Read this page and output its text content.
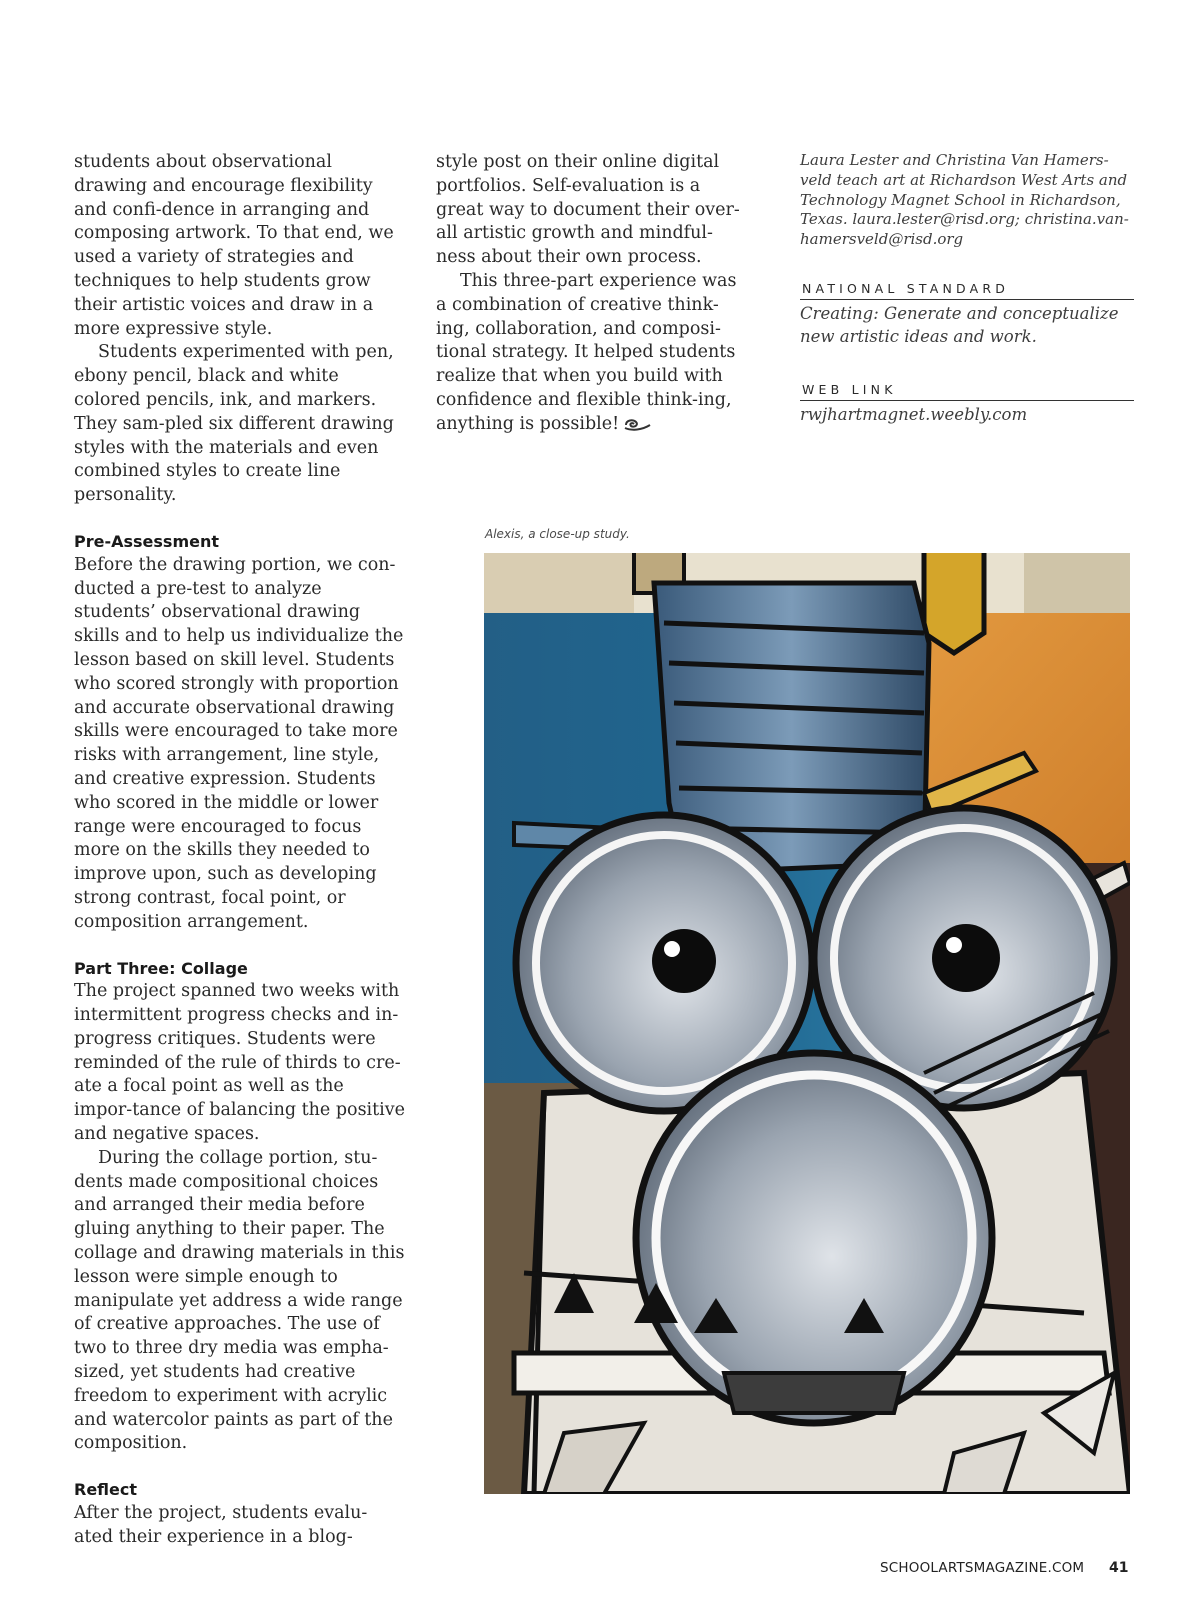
students about observational drawing and encourage flexibility and confi-dence in arranging and composing artwork. To that end, we used a variety of strategies and techniques to help students grow their artistic voices and draw in a more expressive style.

Students experimented with pen, ebony pencil, black and white colored pencils, ink, and markers. They sam-pled six different drawing styles with the materials and even combined styles to create line personality.

Pre-Assessment

Before the drawing portion, we con-ducted a pre-test to analyze students’ observational drawing skills and to help us individualize the lesson based on skill level. Students who scored strongly with proportion and accurate observational drawing skills were encouraged to take more risks with arrangement, line style, and creative expression. Students who scored in the middle or lower range were encouraged to focus more on the skills they needed to improve upon, such as developing strong contrast, focal point, or composition arrangement.

Part Three: Collage

The project spanned two weeks with intermittent progress checks and in-progress critiques. Students were reminded of the rule of thirds to cre-ate a focal point as well as the impor-tance of balancing the positive and negative spaces.

During the collage portion, stu-dents made compositional choices and arranged their media before gluing anything to their paper. The collage and drawing materials in this lesson were simple enough to manipulate yet address a wide range of creative approaches. The use of two to three dry media was empha-sized, yet students had creative freedom to experiment with acrylic and watercolor paints as part of the composition.

Reflect

After the project, students evalu-ated their experience in a blog-

style post on their online digital portfolios. Self-evaluation is a great way to document their over-all artistic growth and mindful-ness about their own process.

This three-part experience was a combination of creative think-ing, collaboration, and composi-tional strategy. It helped students realize that when you build with confidence and flexible think-ing, anything is possible!

Laura Lester and Christina Van Hamers-veld teach art at Richardson West Arts and Technology Magnet School in Richardson, Texas. laura.lester@risd.org; christina.van-hamersveld@risd.org
NATIONAL STANDARD
Creating: Generate and conceptualize new artistic ideas and work.
WEB LINK
rwjhartmagnet.weebly.com
Alexis, a close-up study.
SCHOOLARTSMAGAZINE.COM 41
